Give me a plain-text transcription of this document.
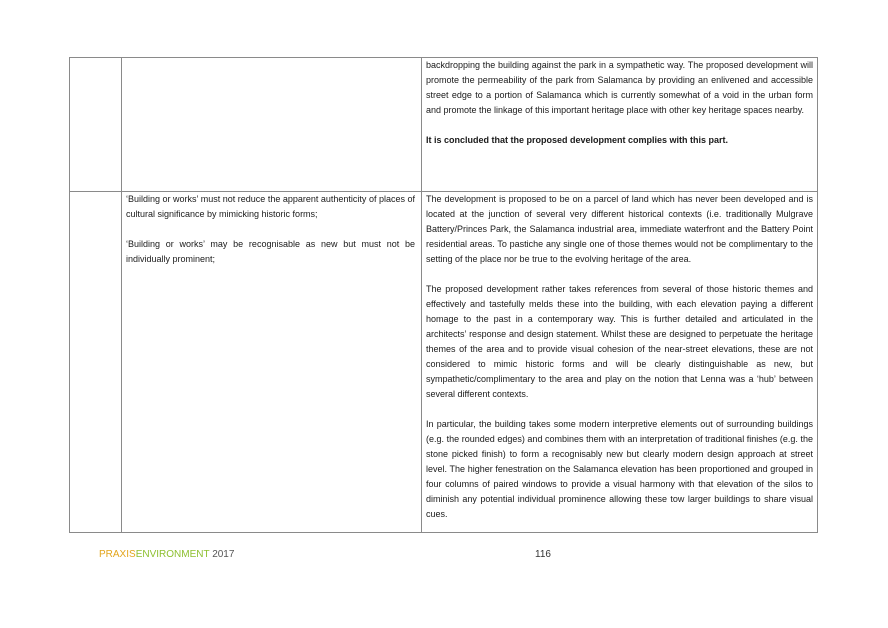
backdropping the building against the park in a sympathetic way. The proposed development will promote the permeability of the park from Salamanca by providing an enlivened and accessible street edge to a portion of Salamanca which is currently somewhat of a void in the urban form and promote the linkage of this important heritage place with other key heritage spaces nearby.

It is concluded that the proposed development complies with this part.

‘Building or works’ must not reduce the apparent authenticity of places of cultural significance by mimicking historic forms;

‘Building or works’ may be recognisable as new but must not be individually prominent;

The development is proposed to be on a parcel of land which has never been developed and is located at the junction of several very different historical contexts (i.e. traditionally Mulgrave Battery/Princes Park, the Salamanca industrial area, immediate waterfront and the Battery Point residential areas. To pastiche any single one of those themes would not be complimentary to the setting of the place nor be true to the evolving heritage of the area.

The proposed development rather takes references from several of those historic themes and effectively and tastefully melds these into the building, with each elevation paying a different homage to the past in a contemporary way. This is further detailed and articulated in the architects’ response and design statement. Whilst these are designed to perpetuate the heritage themes of the area and to provide visual cohesion of the near-street elevations, these are not considered to mimic historic forms and will be clearly distinguishable as new, but sympathetic/complimentary to the area and play on the notion that Lenna was a ‘hub’ between several different contexts.

In particular, the building takes some modern interpretive elements out of surrounding buildings (e.g. the rounded edges) and combines them with an interpretation of traditional finishes (e.g. the stone picked finish) to form a recognisably new but clearly modern design approach at street level. The higher fenestration on the Salamanca elevation has been proportioned and grouped in four columns of paired windows to provide a visual harmony with that elevation of the silos to diminish any potential individual prominence allowing these tow larger buildings to share visual cues.

PRAXISENVIRONMENT 2017	116
